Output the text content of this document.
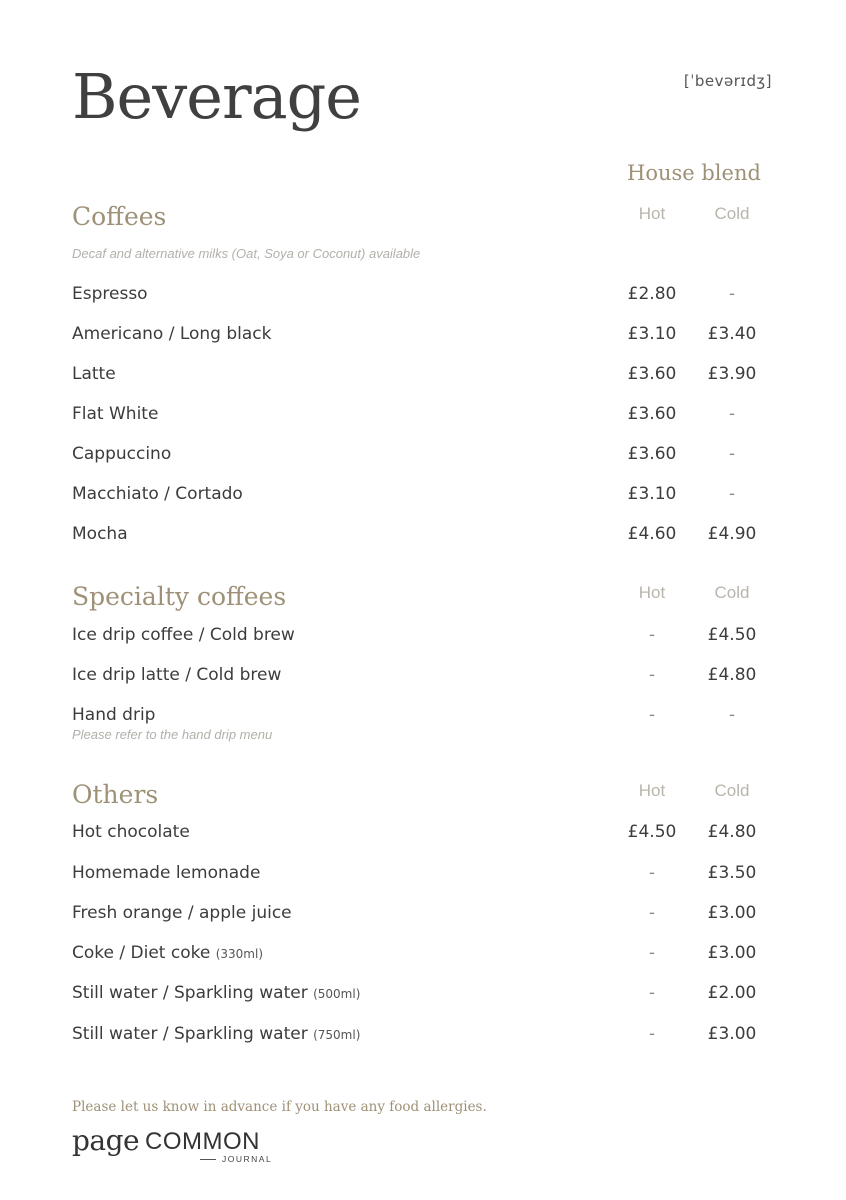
Beverage	[ˈbevərɪdʒ]
House blend
Coffees	Hot	Cold
Decaf and alternative milks (Oat, Soya or Coconut) available
Espresso	£2.80	-
Americano / Long black	£3.10	£3.40
Latte	£3.60	£3.90
Flat White	£3.60	-
Cappuccino	£3.60	-
Macchiato / Cortado	£3.10	-
Mocha	£4.60	£4.90
Specialty coffees	Hot	Cold
Ice drip coffee / Cold brew	-	£4.50
Ice drip latte / Cold brew	-	£4.80
Hand drip	-	-
Please refer to the hand drip menu
Others	Hot	Cold
Hot chocolate	£4.50	£4.80
Homemade lemonade	-	£3.50
Fresh orange / apple juice	-	£3.00
Coke / Diet coke (330ml)	-	£3.00
Still water / Sparkling water (500ml)	-	£2.00
Still water / Sparkling water (750ml)	-	£3.00
Please let us know in advance if you have any food allergies.
page COMMON
JOURNAL
